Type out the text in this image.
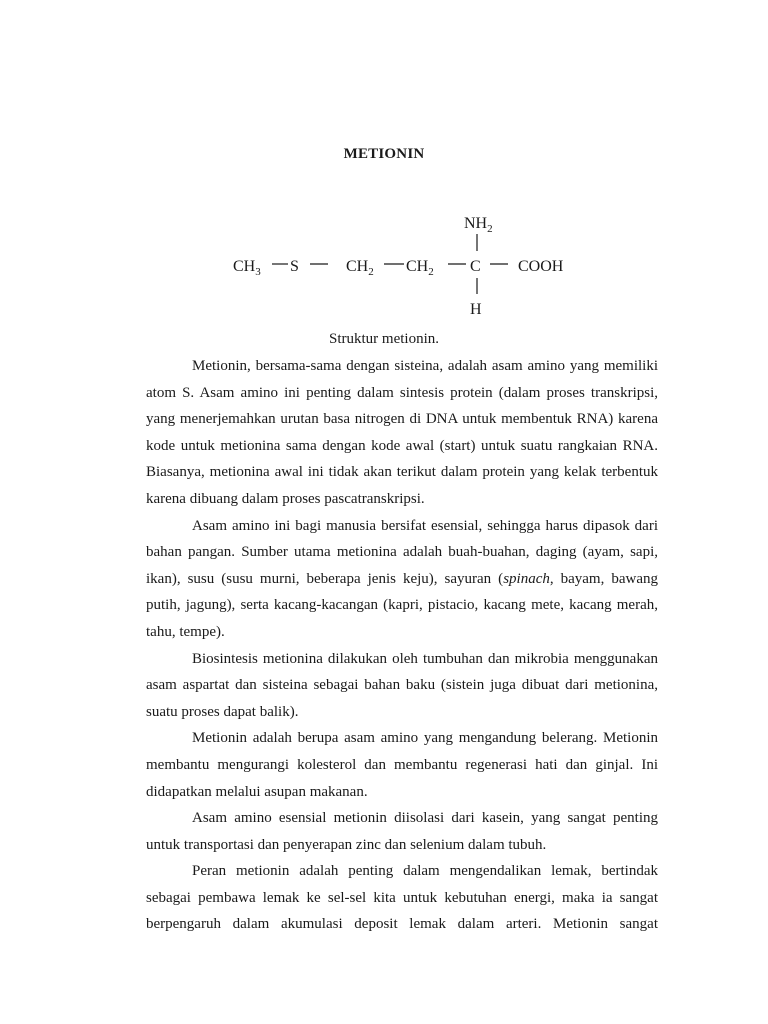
METIONIN
$NH_2$
$CH_3$ S	$CH_2$ $CH_2$ C COOH
H
Struktur metionin.

Metionin, bersama-sama dengan sisteina, adalah asam amino yang memiliki atom S. Asam amino ini penting dalam sintesis protein (dalam proses transkripsi, yang menerjemahkan urutan basa nitrogen di DNA untuk membentuk RNA) karena kode untuk metionina sama dengan kode awal (start) untuk suatu rangkaian RNA. Biasanya, metionina awal ini tidak akan terikut dalam protein yang kelak terbentuk karena dibuang dalam proses pascatranskripsi.

Asam amino ini bagi manusia bersifat esensial, sehingga harus dipasok dari bahan pangan. Sumber utama metionina adalah buah-buahan, daging (ayam, sapi, ikan), susu (susu murni, beberapa jenis keju), sayuran (spinach, bayam, bawang putih, jagung), serta kacang-kacangan (kapri, pistacio, kacang mete, kacang merah, tahu, tempe).

Biosintesis metionina dilakukan oleh tumbuhan dan mikrobia menggunakan asam aspartat dan sisteina sebagai bahan baku (sistein juga dibuat dari metionina, suatu proses dapat balik).

Metionin adalah berupa asam amino yang mengandung belerang. Metionin membantu mengurangi kolesterol dan membantu regenerasi hati dan ginjal. Ini didapatkan melalui asupan makanan.

Asam amino esensial metionin diisolasi dari kasein, yang sangat penting untuk transportasi dan penyerapan zinc dan selenium dalam tubuh.

Peran metionin adalah penting dalam mengendalikan lemak, bertindak sebagai pembawa lemak ke sel-sel kita untuk kebutuhan energi, maka ia sangat berpengaruh dalam akumulasi deposit lemak dalam arteri. Metionin sangat
